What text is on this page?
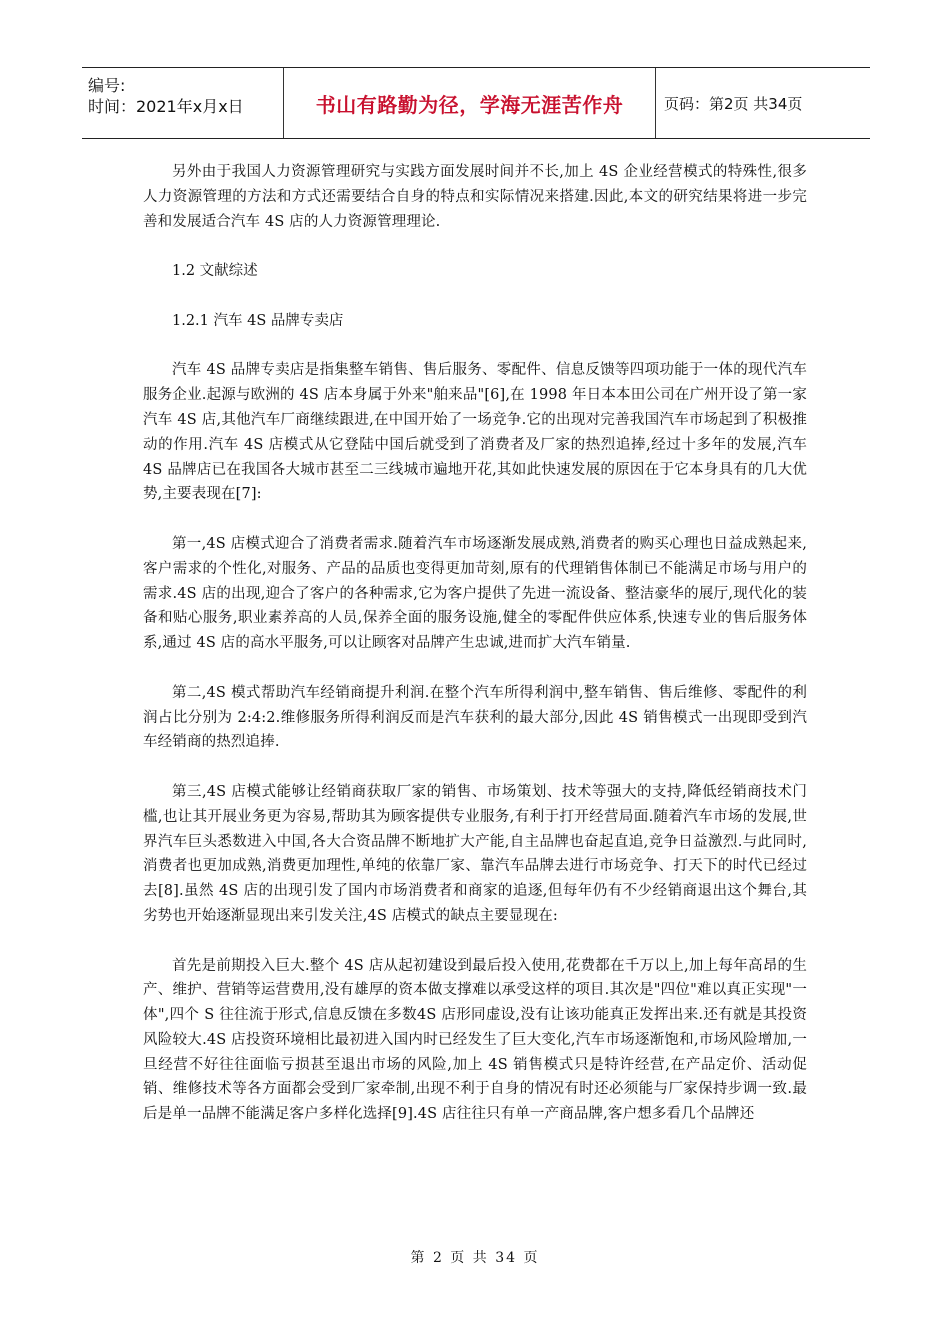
编号:
时间：2021年x月x日	书山有路勤为径，学海无涯苦作舟	页码：第2页 共34页

另外由于我国人力资源管理研究与实践方面发展时间并不长,加上 4S 企业经营模式的特殊性,很多人力资源管理的方法和方式还需要结合自身的特点和实际情况来搭建.因此,本文的研究结果将进一步完善和发展适合汽车 4S 店的人力资源管理理论.

1.2 文献综述

1.2.1 汽车 4S 品牌专卖店

汽车 4S 品牌专卖店是指集整车销售、售后服务、零配件、信息反馈等四项功能于一体的现代汽车服务企业.起源与欧洲的 4S 店本身属于外来"舶来品"[6],在 1998 年日本本田公司在广州开设了第一家汽车 4S 店,其他汽车厂商继续跟进,在中国开始了一场竞争.它的出现对完善我国汽车市场起到了积极推动的作用.汽车 4S 店模式从它登陆中国后就受到了消费者及厂家的热烈追捧,经过十多年的发展,汽车 4S 品牌店已在我国各大城市甚至二三线城市遍地开花,其如此快速发展的原因在于它本身具有的几大优势,主要表现在[7]:

第一,4S 店模式迎合了消费者需求.随着汽车市场逐渐发展成熟,消费者的购买心理也日益成熟起来,客户需求的个性化,对服务、产品的品质也变得更加苛刻,原有的代理销售体制已不能满足市场与用户的需求.4S 店的出现,迎合了客户的各种需求,它为客户提供了先进一流设备、整洁豪华的展厅,现代化的装备和贴心服务,职业素养高的人员,保养全面的服务设施,健全的零配件供应体系,快速专业的售后服务体系,通过 4S 店的高水平服务,可以让顾客对品牌产生忠诚,进而扩大汽车销量.

第二,4S 模式帮助汽车经销商提升利润.在整个汽车所得利润中,整车销售、售后维修、零配件的利润占比分别为 2:4:2.维修服务所得利润反而是汽车获利的最大部分,因此 4S 销售模式一出现即受到汽车经销商的热烈追捧.

第三,4S 店模式能够让经销商获取厂家的销售、市场策划、技术等强大的支持,降低经销商技术门槛,也让其开展业务更为容易,帮助其为顾客提供专业服务,有利于打开经营局面.随着汽车市场的发展,世界汽车巨头悉数进入中国,各大合资品牌不断地扩大产能,自主品牌也奋起直追,竞争日益激烈.与此同时,消费者也更加成熟,消费更加理性,单纯的依靠厂家、靠汽车品牌去进行市场竞争、打天下的时代已经过去[8].虽然 4S 店的出现引发了国内市场消费者和商家的追逐,但每年仍有不少经销商退出这个舞台,其劣势也开始逐渐显现出来引发关注,4S 店模式的缺点主要显现在:

首先是前期投入巨大.整个 4S 店从起初建设到最后投入使用,花费都在千万以上,加上每年高昂的生产、维护、营销等运营费用,没有雄厚的资本做支撑难以承受这样的项目.其次是"四位"难以真正实现"一体",四个 S 往往流于形式,信息反馈在多数4S 店形同虚设,没有让该功能真正发挥出来.还有就是其投资风险较大.4S 店投资环境相比最初进入国内时已经发生了巨大变化,汽车市场逐渐饱和,市场风险增加,一旦经营不好往往面临亏损甚至退出市场的风险,加上 4S 销售模式只是特许经营,在产品定价、活动促销、维修技术等各方面都会受到厂家牵制,出现不利于自身的情况有时还必须能与厂家保持步调一致.最后是单一品牌不能满足客户多样化选择[9].4S 店往往只有单一产商品牌,客户想多看几个品牌还

第 2 页 共 34 页
